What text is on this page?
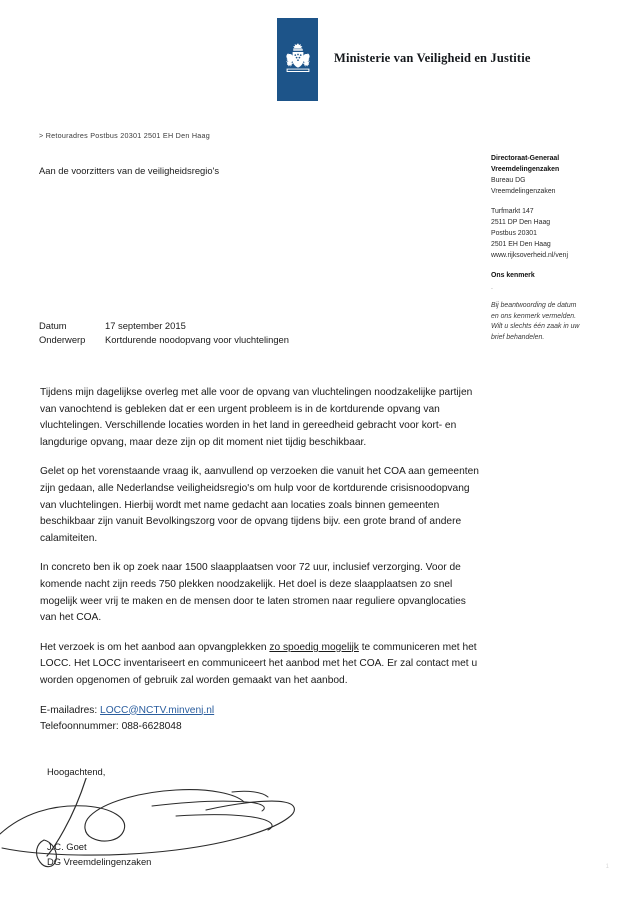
Ministerie van Veiligheid en Justitie
> Retouradres Postbus 20301 2501 EH Den Haag
Aan de voorzitters van de veiligheidsregio's
Directoraat-Generaal
Vreemdelingenzaken
Bureau DG
Vreemdelingenzaken
Turfmarkt 147
2511 DP Den Haag
Postbus 20301
2501 EH Den Haag
www.rijksoverheid.nl/venj
Ons kenmerk
.
Bij beantwoording de datum
en ons kenmerk vermelden.
Wilt u slechts één zaak in uw
brief behandelen.
Datum	17 september 2015
Onderwerp	Kortdurende noodopvang voor vluchtelingen

Tijdens mijn dagelijkse overleg met alle voor de opvang van vluchtelingen noodzakelijke partijen van vanochtend is gebleken dat er een urgent probleem is in de kortdurende opvang van vluchtelingen. Verschillende locaties worden in het land in gereedheid gebracht voor kort- en langdurige opvang, maar deze zijn op dit moment niet tijdig beschikbaar.

Gelet op het vorenstaande vraag ik, aanvullend op verzoeken die vanuit het COA aan gemeenten zijn gedaan, alle Nederlandse veiligheidsregio's om hulp voor de kortdurende crisisnoodopvang van vluchtelingen. Hierbij wordt met name gedacht aan locaties zoals binnen gemeenten beschikbaar zijn vanuit Bevolkingszorg voor de opvang tijdens bijv. een grote brand of andere calamiteiten.

In concreto ben ik op zoek naar 1500 slaapplaatsen voor 72 uur, inclusief verzorging. Voor de komende nacht zijn reeds 750 plekken noodzakelijk. Het doel is deze slaapplaatsen zo snel mogelijk weer vrij te maken en de mensen door te laten stromen naar reguliere opvanglocaties van het COA.

Het verzoek is om het aanbod aan opvangplekken zo spoedig mogelijk te communiceren met het LOCC. Het LOCC inventariseert en communiceert het aanbod met het COA. Er zal contact met u worden opgenomen of gebruik zal worden gemaakt van het aanbod.

E-mailadres: LOCC@NCTV.minvenj.nl
Telefoonnummer: 088-6628048
Hoogachtend,
J.C. Goet
DG Vreemdelingenzaken
1
